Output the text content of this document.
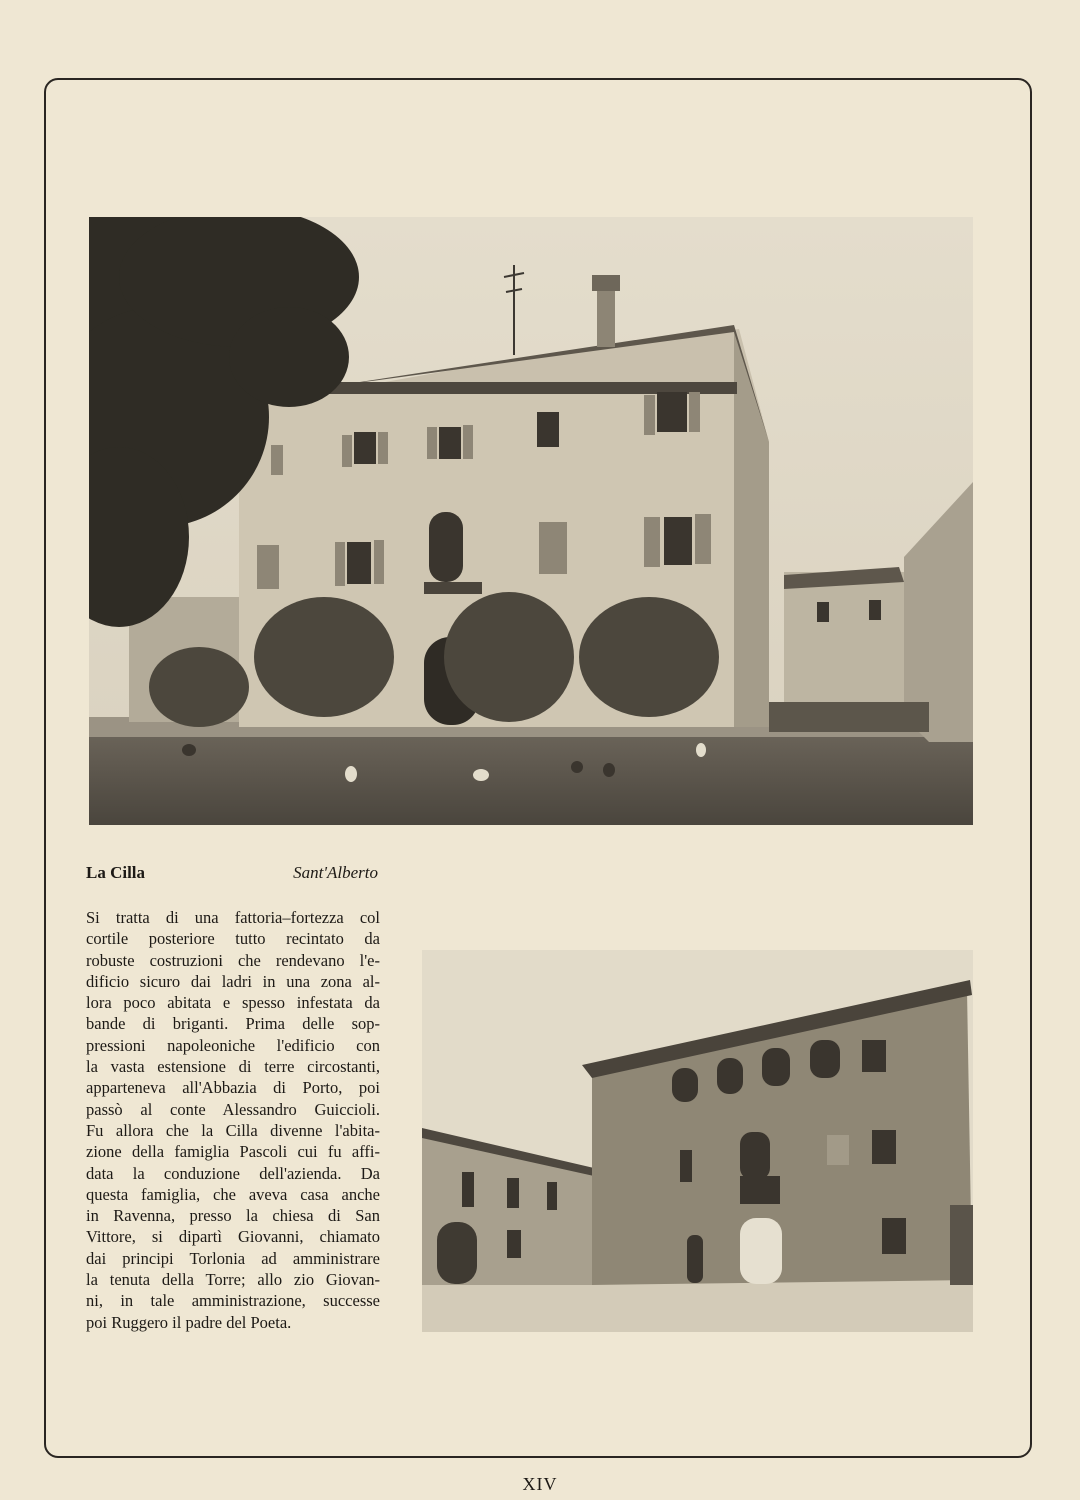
La Cilla	Sant'Alberto

Si tratta di una fattoria–fortezza col
cortile posteriore tutto recintato da
robuste costruzioni che rendevano l'e-
dificio sicuro dai ladri in una zona al-
lora poco abitata e spesso infestata da
bande di briganti. Prima delle sop-
pressioni napoleoniche l'edificio con
la vasta estensione di terre circostanti,
apparteneva all'Abbazia di Porto, poi
passò al conte Alessandro Guiccioli.
Fu allora che la Cilla divenne l'abita-
zione della famiglia Pascoli cui fu affi-
data la conduzione dell'azienda. Da
questa famiglia, che aveva casa anche
in Ravenna, presso la chiesa di San
Vittore, si dipartì Giovanni, chiamato
dai principi Torlonia ad amministrare
la tenuta della Torre; allo zio Giovan-
ni, in tale amministrazione, successe
poi Ruggero il padre del Poeta.

XIV
